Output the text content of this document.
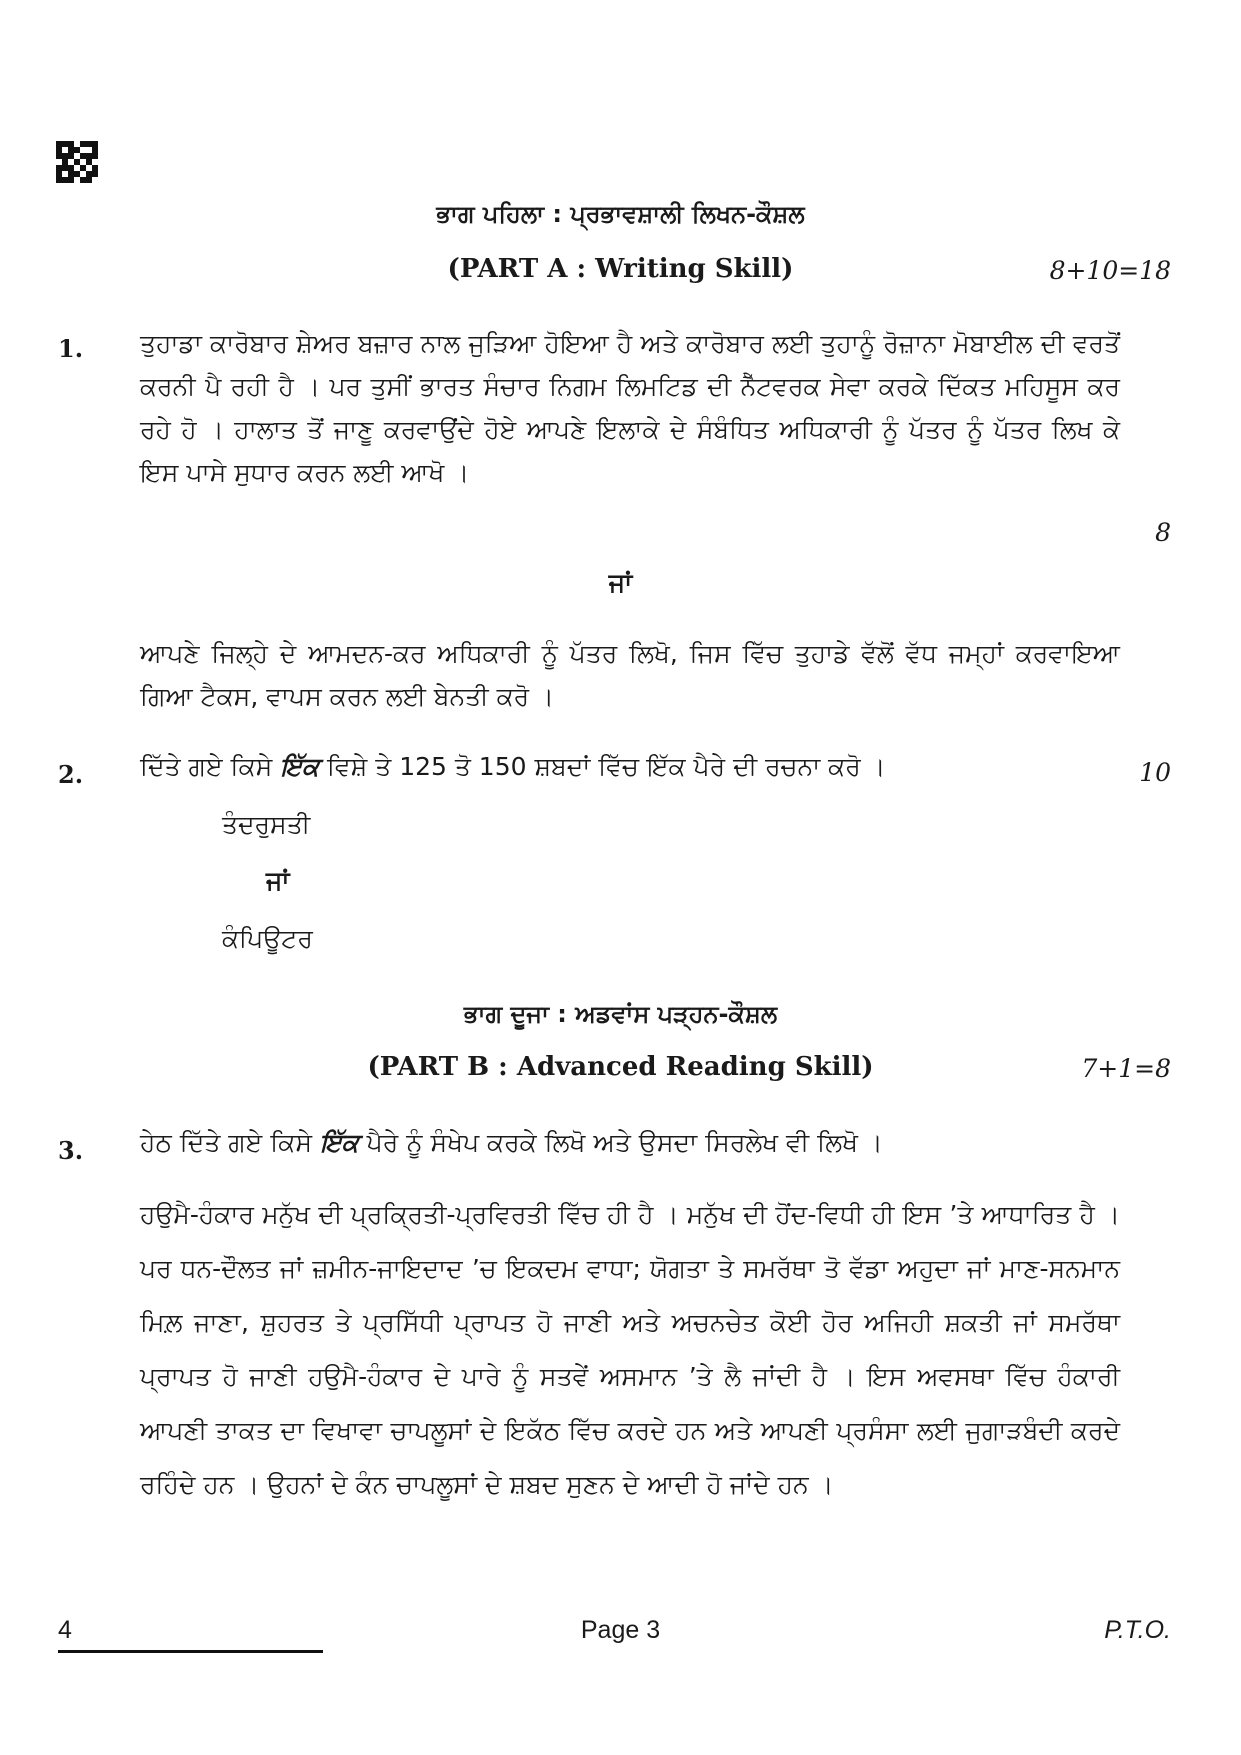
ਭਾਗ ਪਹਿਲਾ : ਪ੍ਰਭਾਵਸ਼ਾਲੀ ਲਿਖਨ-ਕੌਸ਼ਲ
(PART A : Writing Skill)	8+10=18
1. ਤੁਹਾਡਾ ਕਾਰੋਬਾਰ ਸ਼ੇਅਰ ਬਜ਼ਾਰ ਨਾਲ ਜੁੜਿਆ ਹੋਇਆ ਹੈ ਅਤੇ ਕਾਰੋਬਾਰ ਲਈ ਤੁਹਾਨੂੰ ਰੋਜ਼ਾਨਾ ਮੋਬਾਈਲ ਦੀ ਵਰਤੋਂ ਕਰਨੀ ਪੈ ਰਹੀ ਹੈ । ਪਰ ਤੁਸੀਂ ਭਾਰਤ ਸੰਚਾਰ ਨਿਗਮ ਲਿਮਟਿਡ ਦੀ ਨੈੱਟਵਰਕ ਸੇਵਾ ਕਰਕੇ ਦਿੱਕਤ ਮਹਿਸੂਸ ਕਰ ਰਹੇ ਹੋ । ਹਾਲਾਤ ਤੋਂ ਜਾਣੂ ਕਰਵਾਉਂਦੇ ਹੋਏ ਆਪਣੇ ਇਲਾਕੇ ਦੇ ਸੰਬੰਧਿਤ ਅਧਿਕਾਰੀ ਨੂੰ ਪੱਤਰ ਨੂੰ ਪੱਤਰ ਲਿਖ ਕੇ ਇਸ ਪਾਸੇ ਸੁਧਾਰ ਕਰਨ ਲਈ ਆਖੋ ।
8
ਜਾਂ
ਆਪਣੇ ਜਿਲ੍ਹੇ ਦੇ ਆਮਦਨ-ਕਰ ਅਧਿਕਾਰੀ ਨੂੰ ਪੱਤਰ ਲਿਖੋ, ਜਿਸ ਵਿੱਚ ਤੁਹਾਡੇ ਵੱਲੋਂ ਵੱਧ ਜਮ੍ਹਾਂ ਕਰਵਾਇਆ ਗਿਆ ਟੈਕਸ, ਵਾਪਸ ਕਰਨ ਲਈ ਬੇਨਤੀ ਕਰੋ ।
2. ਦਿੱਤੇ ਗਏ ਕਿਸੇ ਇੱਕ ਵਿਸ਼ੇ ਤੇ 125 ਤੋ 150 ਸ਼ਬਦਾਂ ਵਿੱਚ ਇੱਕ ਪੈਰੇ ਦੀ ਰਚਨਾ ਕਰੋ ।	10
ਤੰਦਰੁਸਤੀ
ਜਾਂ
ਕੰਪਿਊਟਰ
ਭਾਗ ਦੂਜਾ : ਅਡਵਾਂਸ ਪੜ੍ਹਨ-ਕੌਸ਼ਲ
(PART B : Advanced Reading Skill)	7+1=8
3. ਹੇਠ ਦਿੱਤੇ ਗਏ ਕਿਸੇ ਇੱਕ ਪੈਰੇ ਨੂੰ ਸੰਖੇਪ ਕਰਕੇ ਲਿਖੋ ਅਤੇ ਉਸਦਾ ਸਿਰਲੇਖ ਵੀ ਲਿਖੋ ।
ਹਉਮੈ-ਹੰਕਾਰ ਮਨੁੱਖ ਦੀ ਪ੍ਰਕ੍ਰਿਤੀ-ਪ੍ਰਵਿਰਤੀ ਵਿੱਚ ਹੀ ਹੈ । ਮਨੁੱਖ ਦੀ ਹੋਂਦ-ਵਿਧੀ ਹੀ ਇਸ ’ਤੇ ਆਧਾਰਿਤ ਹੈ । ਪਰ ਧਨ-ਦੌਲਤ ਜਾਂ ਜ਼ਮੀਨ-ਜਾਇਦਾਦ ’ਚ ਇਕਦਮ ਵਾਧਾ; ਯੋਗਤਾ ਤੇ ਸਮਰੱਥਾ ਤੋ ਵੱਡਾ ਅਹੁਦਾ ਜਾਂ ਮਾਣ-ਸਨਮਾਨ ਮਿਲ਼ ਜਾਣਾ, ਸ਼ੁਹਰਤ ਤੇ ਪ੍ਰਸਿੱਧੀ ਪ੍ਰਾਪਤ ਹੋ ਜਾਣੀ ਅਤੇ ਅਚਨਚੇਤ ਕੋਈ ਹੋਰ ਅਜਿਹੀ ਸ਼ਕਤੀ ਜਾਂ ਸਮਰੱਥਾ ਪ੍ਰਾਪਤ ਹੋ ਜਾਣੀ ਹਉਮੈ-ਹੰਕਾਰ ਦੇ ਪਾਰੇ ਨੂੰ ਸਤਵੇਂ ਅਸਮਾਨ ’ਤੇ ਲੈ ਜਾਂਦੀ ਹੈ । ਇਸ ਅਵਸਥਾ ਵਿੱਚ ਹੰਕਾਰੀ ਆਪਣੀ ਤਾਕਤ ਦਾ ਵਿਖਾਵਾ ਚਾਪਲੂਸਾਂ ਦੇ ਇਕੱਠ ਵਿੱਚ ਕਰਦੇ ਹਨ ਅਤੇ ਆਪਣੀ ਪ੍ਰਸੰਸਾ ਲਈ ਜੁਗਾੜਬੰਦੀ ਕਰਦੇ ਰਹਿੰਦੇ ਹਨ । ਉਹਨਾਂ ਦੇ ਕੰਨ ਚਾਪਲੂਸਾਂ ਦੇ ਸ਼ਬਦ ਸੁਣਨ ਦੇ ਆਦੀ ਹੋ ਜਾਂਦੇ ਹਨ ।
4	Page 3	P.T.O.
